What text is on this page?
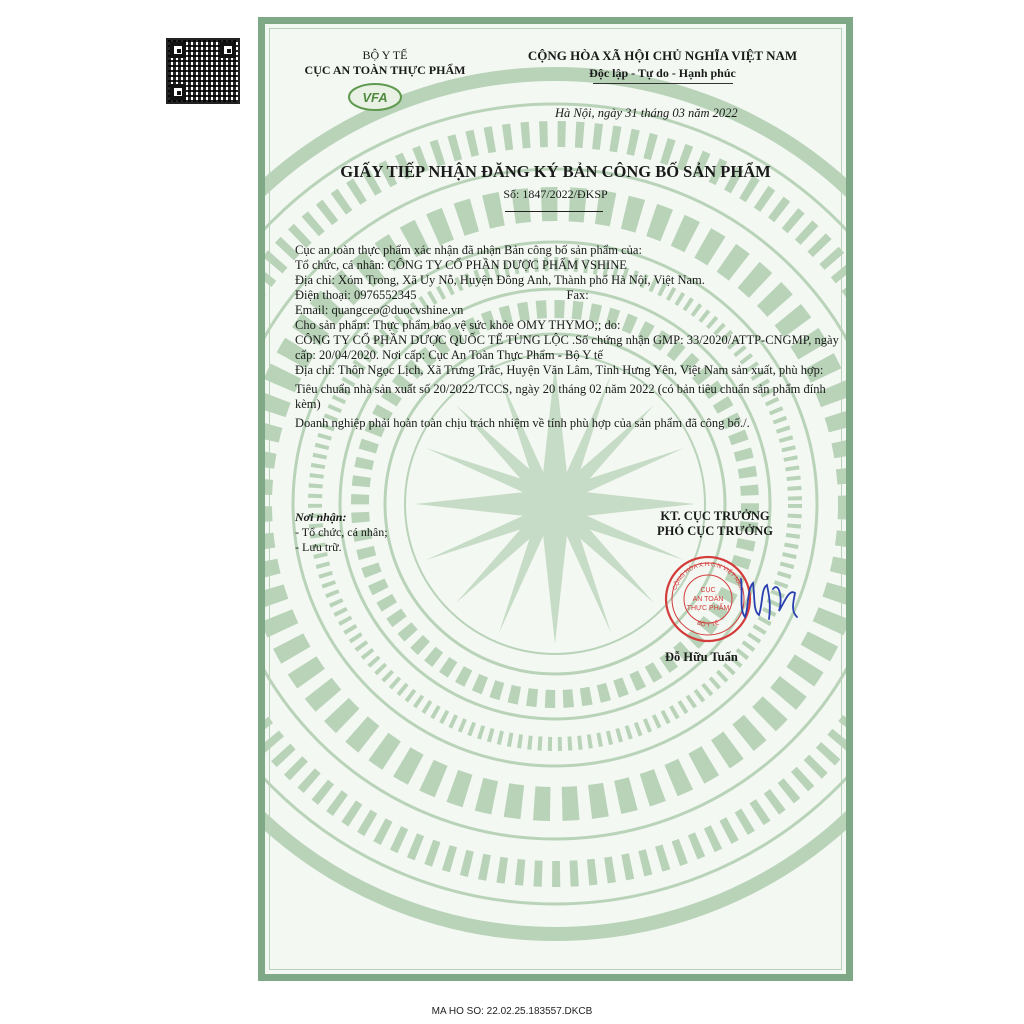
BỘ Y TẾ
CỤC AN TOÀN THỰC PHẨM
VFA
CỘNG HÒA XÃ HỘI CHỦ NGHĨA VIỆT NAM
Độc lập - Tự do - Hạnh phúc
Hà Nội, ngày 31 tháng 03 năm 2022
GIẤY TIẾP NHẬN ĐĂNG KÝ BẢN CÔNG BỐ SẢN PHẨM
Số: 1847/2022/ĐKSP

Cục an toàn thực phẩm xác nhận đã nhận Bản công bố sản phẩm của:

Tổ chức, cá nhân: CÔNG TY CỔ PHẦN DƯỢC PHẨM VSHINE

Địa chỉ: Xóm Trong, Xã Uy Nỗ, Huyện Đông Anh, Thành phố Hà Nội, Việt Nam.

Điện thoại: 0976552345	Fax:

Email: quangceo@duocvshine.vn

Cho sản phẩm: Thực phẩm bảo vệ sức khỏe OMY THYMO;; do:

CÔNG TY CỔ PHẦN DƯỢC QUỐC TẾ TÙNG LỘC .Số chứng nhận GMP: 33/2020/ATTP-CNGMP, ngày cấp: 20/04/2020. Nơi cấp: Cục An Toàn Thực Phẩm - Bộ Y tế

Địa chỉ: Thôn Ngọc Lịch, Xã Trưng Trắc, Huyện Văn Lâm, Tỉnh Hưng Yên, Việt Nam sản xuất, phù hợp:

Tiêu chuẩn nhà sản xuất số 20/2022/TCCS, ngày 20 tháng 02 năm 2022 (có bản tiêu chuẩn sản phẩm đính kèm)

Doanh nghiệp phải hoàn toàn chịu trách nhiệm về tính phù hợp của sản phẩm đã công bố./.

Nơi nhận:
- Tổ chức, cá nhân;
- Lưu trữ.
KT. CỤC TRƯỞNG
PHÓ CỤC TRƯỞNG
CỘNG HÒA X.H.C.N VIỆT NAM
BỘ Y TẾ
CỤC
AN TOÀN
THỰC PHẨM
Đỗ Hữu Tuấn
MA HO SO: 22.02.25.183557.DKCB
